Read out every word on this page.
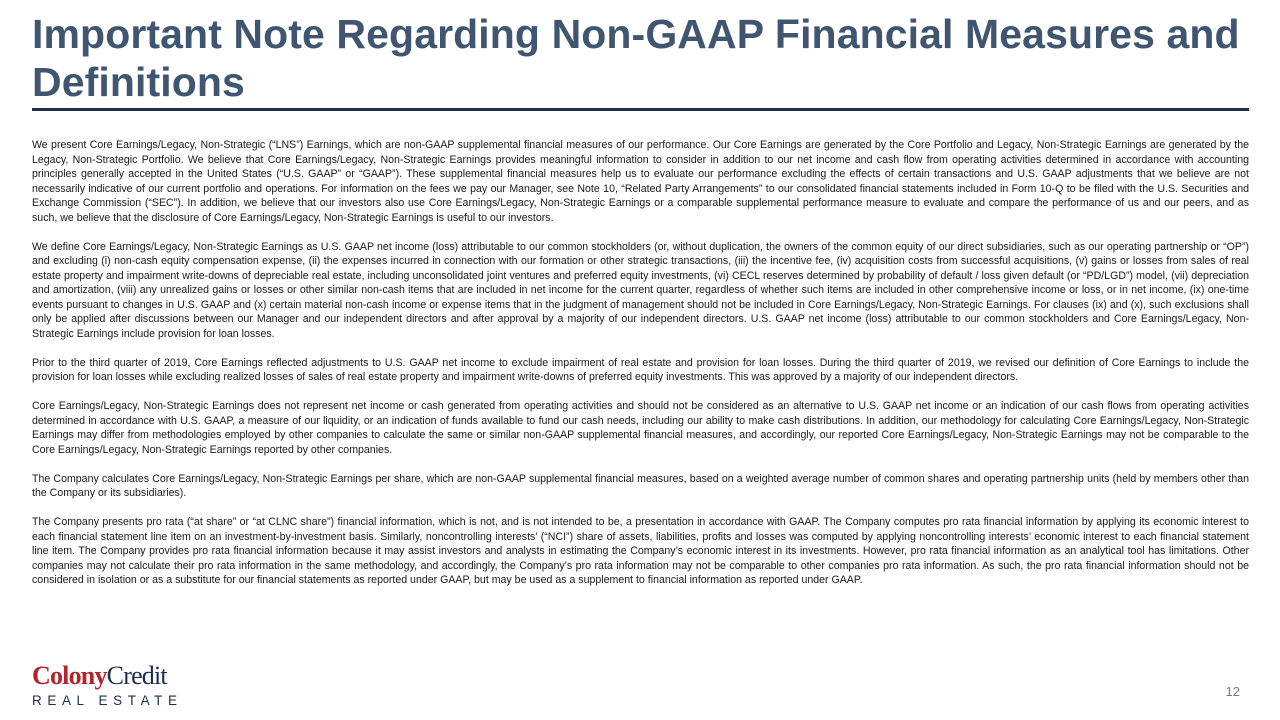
Important Note Regarding Non-GAAP Financial Measures and Definitions

We present Core Earnings/Legacy, Non-Strategic (“LNS”) Earnings, which are non-GAAP supplemental financial measures of our performance. Our Core Earnings are generated by the Core Portfolio and Legacy, Non-Strategic Earnings are generated by the Legacy, Non-Strategic Portfolio. We believe that Core Earnings/Legacy, Non-Strategic Earnings provides meaningful information to consider in addition to our net income and cash flow from operating activities determined in accordance with accounting principles generally accepted in the United States (“U.S. GAAP” or “GAAP”). These supplemental financial measures help us to evaluate our performance excluding the effects of certain transactions and U.S. GAAP adjustments that we believe are not necessarily indicative of our current portfolio and operations. For information on the fees we pay our Manager, see Note 10, “Related Party Arrangements” to our consolidated financial statements included in Form 10-Q to be filed with the U.S. Securities and Exchange Commission (“SEC”). In addition, we believe that our investors also use Core Earnings/Legacy, Non-Strategic Earnings or a comparable supplemental performance measure to evaluate and compare the performance of us and our peers, and as such, we believe that the disclosure of Core Earnings/Legacy, Non-Strategic Earnings is useful to our investors.

We define Core Earnings/Legacy, Non-Strategic Earnings as U.S. GAAP net income (loss) attributable to our common stockholders (or, without duplication, the owners of the common equity of our direct subsidiaries, such as our operating partnership or “OP”) and excluding (i) non-cash equity compensation expense, (ii) the expenses incurred in connection with our formation or other strategic transactions, (iii) the incentive fee, (iv) acquisition costs from successful acquisitions, (v) gains or losses from sales of real estate property and impairment write-downs of depreciable real estate, including unconsolidated joint ventures and preferred equity investments, (vi) CECL reserves determined by probability of default / loss given default (or “PD/LGD”) model, (vii) depreciation and amortization, (viii) any unrealized gains or losses or other similar non-cash items that are included in net income for the current quarter, regardless of whether such items are included in other comprehensive income or loss, or in net income, (ix) one-time events pursuant to changes in U.S. GAAP and (x) certain material non-cash income or expense items that in the judgment of management should not be included in Core Earnings/Legacy, Non-Strategic Earnings. For clauses (ix) and (x), such exclusions shall only be applied after discussions between our Manager and our independent directors and after approval by a majority of our independent directors. U.S. GAAP net income (loss) attributable to our common stockholders and Core Earnings/Legacy, Non-Strategic Earnings include provision for loan losses.

Prior to the third quarter of 2019, Core Earnings reflected adjustments to U.S. GAAP net income to exclude impairment of real estate and provision for loan losses. During the third quarter of 2019, we revised our definition of Core Earnings to include the provision for loan losses while excluding realized losses of sales of real estate property and impairment write-downs of preferred equity investments. This was approved by a majority of our independent directors.

Core Earnings/Legacy, Non-Strategic Earnings does not represent net income or cash generated from operating activities and should not be considered as an alternative to U.S. GAAP net income or an indication of our cash flows from operating activities determined in accordance with U.S. GAAP, a measure of our liquidity, or an indication of funds available to fund our cash needs, including our ability to make cash distributions. In addition, our methodology for calculating Core Earnings/Legacy, Non-Strategic Earnings may differ from methodologies employed by other companies to calculate the same or similar non-GAAP supplemental financial measures, and accordingly, our reported Core Earnings/Legacy, Non-Strategic Earnings may not be comparable to the Core Earnings/Legacy, Non-Strategic Earnings reported by other companies.

The Company calculates Core Earnings/Legacy, Non-Strategic Earnings per share, which are non-GAAP supplemental financial measures, based on a weighted average number of common shares and operating partnership units (held by members other than the Company or its subsidiaries).

The Company presents pro rata (“at share” or “at CLNC share”) financial information, which is not, and is not intended to be, a presentation in accordance with GAAP. The Company computes pro rata financial information by applying its economic interest to each financial statement line item on an investment-by-investment basis. Similarly, noncontrolling interests’ (“NCI”) share of assets, liabilities, profits and losses was computed by applying noncontrolling interests’ economic interest to each financial statement line item. The Company provides pro rata financial information because it may assist investors and analysts in estimating the Company’s economic interest in its investments. However, pro rata financial information as an analytical tool has limitations. Other companies may not calculate their pro rata information in the same methodology, and accordingly, the Company’s pro rata information may not be comparable to other companies pro rata information. As such, the pro rata financial information should not be considered in isolation or as a substitute for our financial statements as reported under GAAP, but may be used as a supplement to financial information as reported under GAAP.

ColonyCredit
REAL ESTATE
12
